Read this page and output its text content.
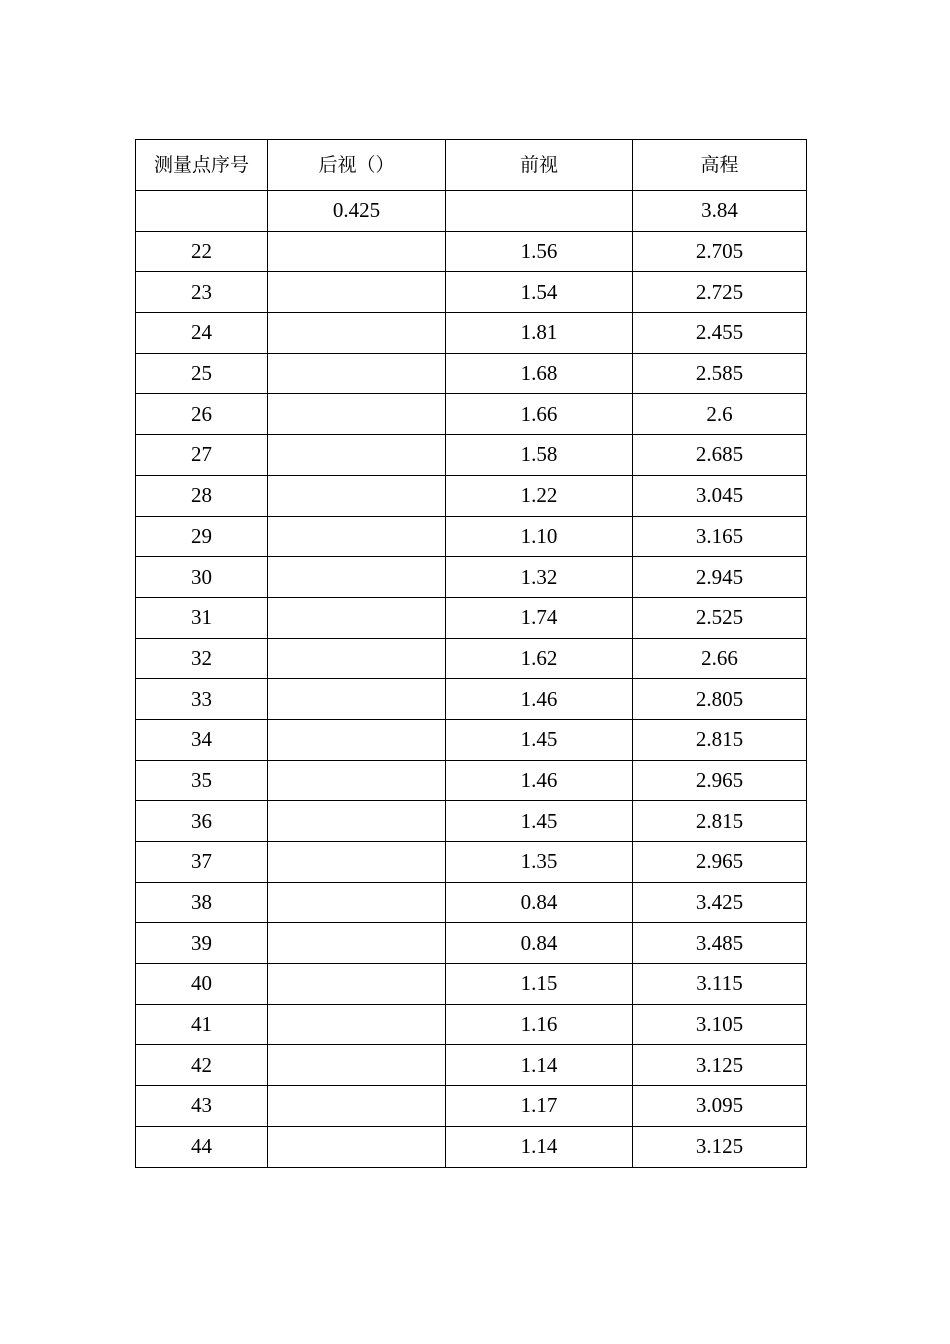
测量点序号	后视（）	前视	高程
	0.425		3.84
22		1.56	2.705
23		1.54	2.725
24		1.81	2.455
25		1.68	2.585
26		1.66	2.6
27		1.58	2.685
28		1.22	3.045
29		1.10	3.165
30		1.32	2.945
31		1.74	2.525
32		1.62	2.66
33		1.46	2.805
34		1.45	2.815
35		1.46	2.965
36		1.45	2.815
37		1.35	2.965
38		0.84	3.425
39		0.84	3.485
40		1.15	3.115
41		1.16	3.105
42		1.14	3.125
43		1.17	3.095
44		1.14	3.125
